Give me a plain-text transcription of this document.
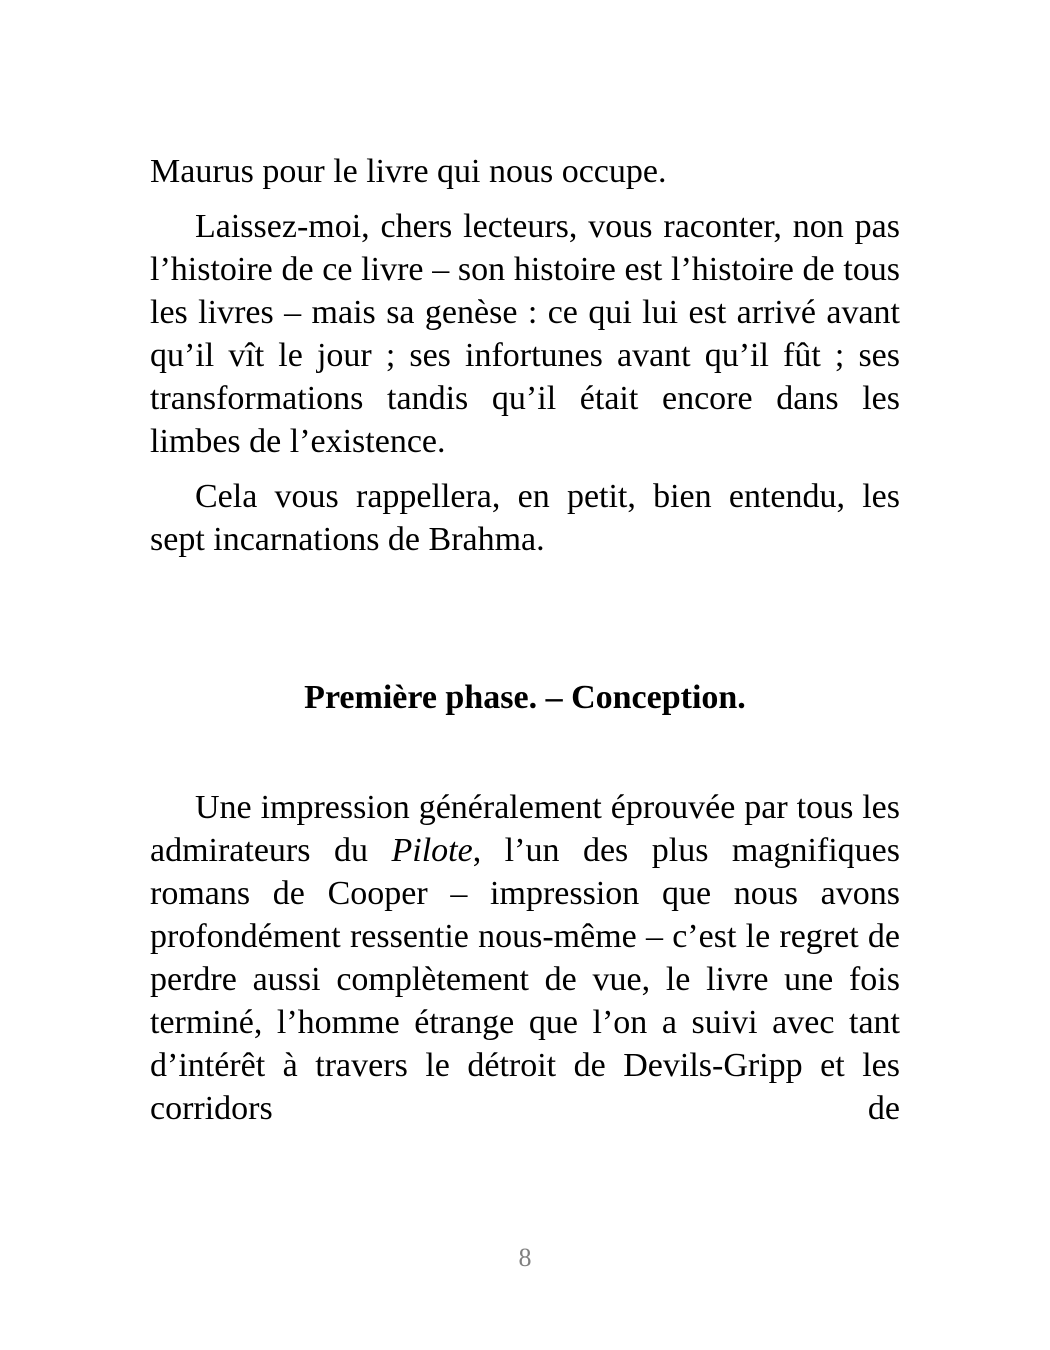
Maurus pour le livre qui nous occupe.

Laissez-moi, chers lecteurs, vous raconter, non pas l’histoire de ce livre – son histoire est l’histoire de tous les livres – mais sa genèse : ce qui lui est arrivé avant qu’il vît le jour ; ses infortunes avant qu’il fût ; ses transformations tandis qu’il était encore dans les limbes de l’existence.

Cela vous rappellera, en petit, bien entendu, les sept incarnations de Brahma.

Première phase. – Conception.

Une impression généralement éprouvée par tous les admirateurs du Pilote, l’un des plus magnifiques romans de Cooper – impression que nous avons profondément ressentie nous-même – c’est le regret de perdre aussi complètement de vue, le livre une fois terminé, l’homme étrange que l’on a suivi avec tant d’intérêt à travers le détroit de Devils-Gripp et les corridors de

8
